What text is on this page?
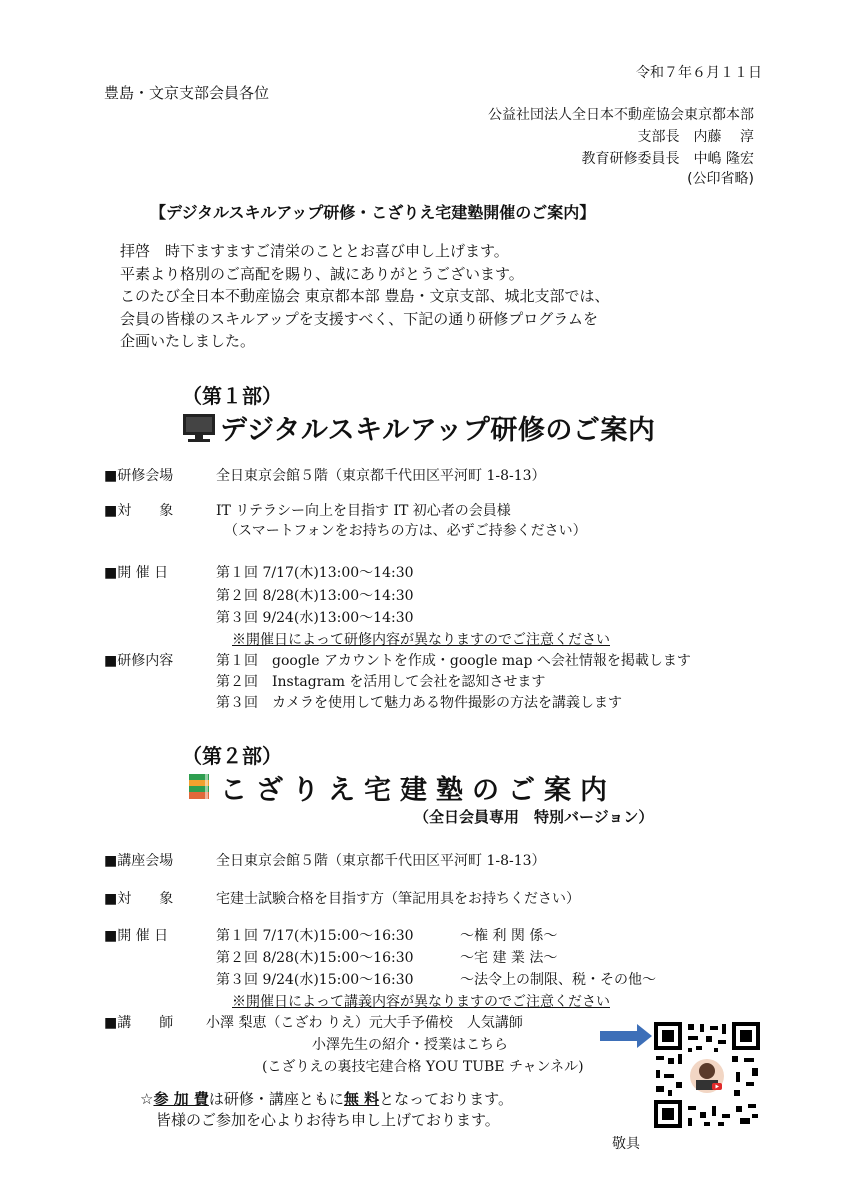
令和７年６月１１日
豊島・文京支部会員各位
公益社団法人全日本不動産協会東京都本部
支部長　内藤　 淳
教育研修委員長　中嶋 隆宏
(公印省略)
【デジタルスキルアップ研修・こざりえ宅建塾開催のご案内】
拝啓　時下ますますご清栄のこととお喜び申し上げます。
平素より格別のご高配を賜り、誠にありがとうございます。
このたび全日本不動産協会 東京都本部 豊島・文京支部、城北支部では、
会員の皆様のスキルアップを支援すべく、下記の通り研修プログラムを
企画いたしました。
（第１部）
デジタルスキルアップ研修のご案内
■研修会場	全日東京会館５階（東京都千代田区平河町 1-8-13）
■対　　象	IT リテラシー向上を目指す IT 初心者の会員様
（スマートフォンをお持ちの方は、必ずご持参ください）
■開 催 日	第１回 7/17(木)13:00～14:30
第２回 8/28(木)13:00～14:30
第３回 9/24(水)13:00～14:30
※開催日によって研修内容が異なりますのでご注意ください
■研修内容	第１回　google アカウントを作成・google map へ会社情報を掲載します
第２回　Instagram を活用して会社を認知させます
第３回　カメラを使用して魅力ある物件撮影の方法を講義します
（第２部）
こざりえ宅建塾のご案内
（全日会員専用　特別バージョン）
■講座会場	全日東京会館５階（東京都千代田区平河町 1-8-13）
■対　　象	宅建士試験合格を目指す方（筆記用具をお持ちください）
■開 催 日	第１回 7/17(木)15:00～16:30	～権 利 関 係～
第２回 8/28(木)15:00～16:30	～宅 建 業 法～
第３回 9/24(水)15:00～16:30	～法令上の制限、税・その他～
※開催日によって講義内容が異なりますのでご注意ください
■講　　師 小澤 梨恵（こざわ りえ）元大手予備校　人気講師
小澤先生の紹介・授業はこちら
(こざりえの裏技宅建合格 YOU TUBE チャンネル)
☆参 加 費は研修・講座ともに無 料となっております。
皆様のご参加を心よりお待ち申し上げております。
敬具
